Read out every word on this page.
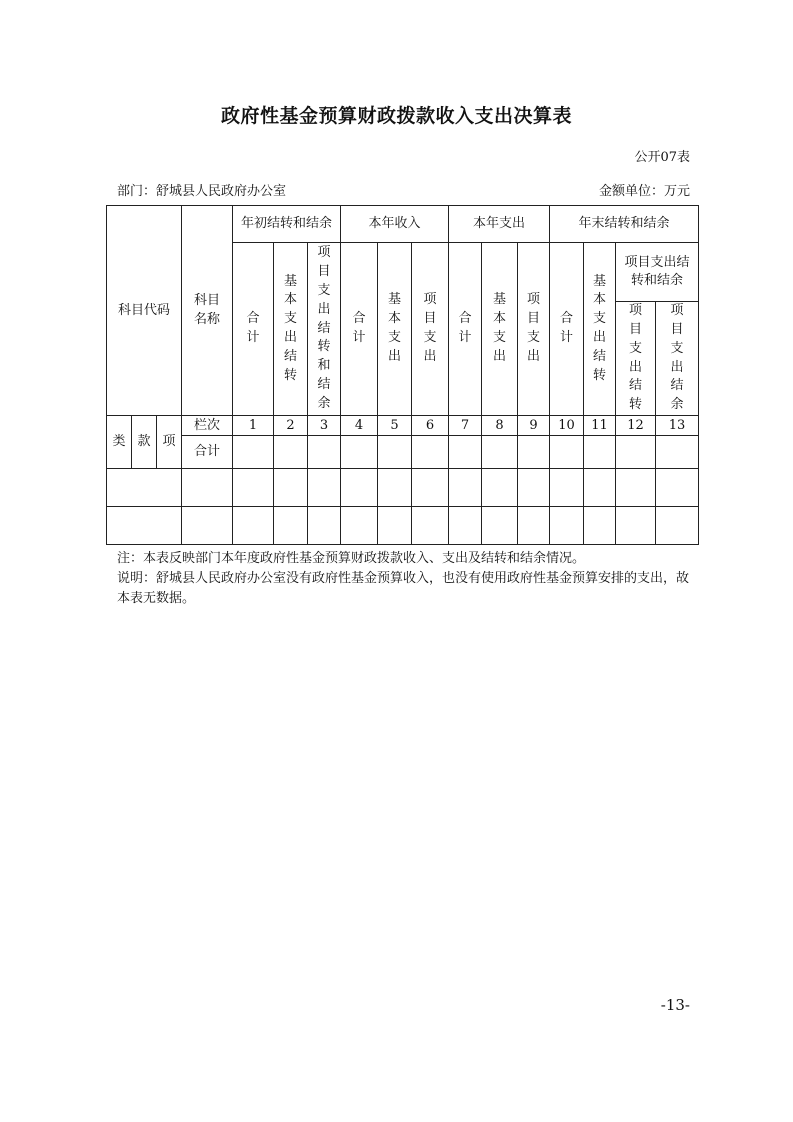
政府性基金预算财政拨款收入支出决算表
公开07表
部门：舒城县人民政府办公室	金额单位：万元
科目代码	科目名称	年初结转和结余			本年收入			本年支出			年末结转和结余			
		合计	基本支出结转	项目支出结转和结余	合计	基本支出	项目支出	合计	基本支出	项目支出	合计	基本支出结转	项目支出结转和结余	
													项目支出结转	项目支出结余

类 款 项	栏次	1	2	3	4	5	6	7	8	9	10	11	12	13
	合计													

注：本表反映部门本年度政府性基金预算财政拨款收入、支出及结转和结余情况。
说明：舒城县人民政府办公室没有政府性基金预算收入，也没有使用政府性基金预算安排的支出，故本表无数据。
-13-
